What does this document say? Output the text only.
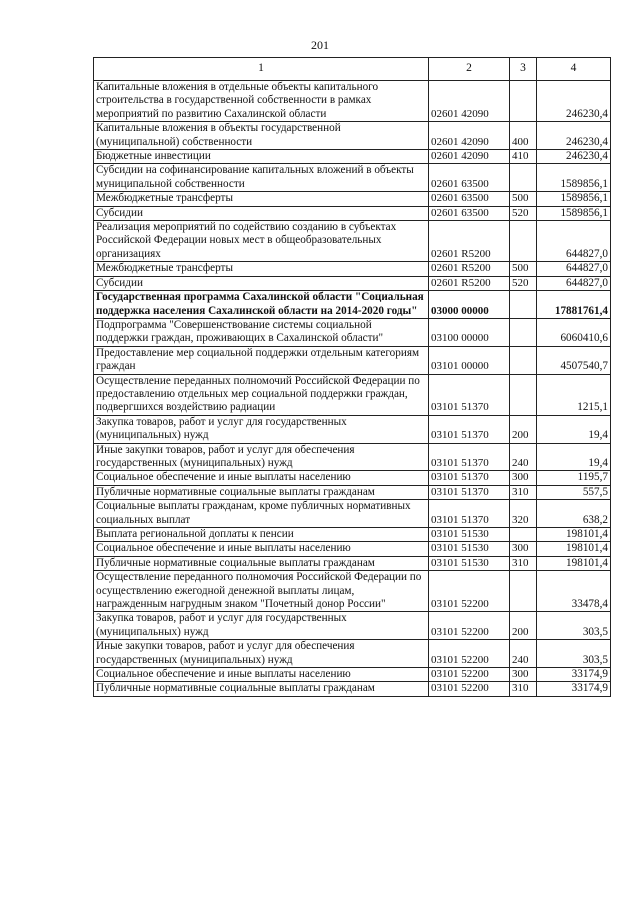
201
1	2	3	4
Капитальные вложения в отдельные объекты капитального строительства в государственной собственности в рамках мероприятий по развитию Сахалинской области	02601 42090		246230,4
Капитальные вложения в объекты государственной (муниципальной) собственности	02601 42090	400	246230,4
Бюджетные инвестиции	02601 42090	410	246230,4
Субсидии на софинансирование капитальных вложений в объекты муниципальной собственности	02601 63500		1589856,1
Межбюджетные трансферты	02601 63500	500	1589856,1
Субсидии	02601 63500	520	1589856,1
Реализация мероприятий по содействию созданию в субъектах Российской Федерации новых мест в общеобразовательных организациях	02601 R5200		644827,0
Межбюджетные трансферты	02601 R5200	500	644827,0
Субсидии	02601 R5200	520	644827,0
Государственная программа Сахалинской области "Социальная поддержка населения Сахалинской области на 2014-2020 годы"	03000 00000		17881761,4
Подпрограмма "Совершенствование системы социальной поддержки граждан, проживающих в Сахалинской области"	03100 00000		6060410,6
Предоставление мер социальной поддержки отдельным категориям граждан	03101 00000		4507540,7
Осуществление переданных полномочий Российской Федерации по предоставлению отдельных мер социальной поддержки граждан, подвергшихся воздействию радиации	03101 51370		1215,1
Закупка товаров, работ и услуг для государственных (муниципальных) нужд	03101 51370	200	19,4
Иные закупки товаров, работ и услуг для обеспечения государственных (муниципальных) нужд	03101 51370	240	19,4
Социальное обеспечение и иные выплаты населению	03101 51370	300	1195,7
Публичные нормативные социальные выплаты гражданам	03101 51370	310	557,5
Социальные выплаты гражданам, кроме публичных нормативных социальных выплат	03101 51370	320	638,2
Выплата региональной доплаты к пенсии	03101 51530		198101,4
Социальное обеспечение и иные выплаты населению	03101 51530	300	198101,4
Публичные нормативные социальные выплаты гражданам	03101 51530	310	198101,4
Осуществление переданного полномочия Российской Федерации по осуществлению ежегодной денежной выплаты лицам, награжденным нагрудным знаком "Почетный донор России"	03101 52200		33478,4
Закупка товаров, работ и услуг для государственных (муниципальных) нужд	03101 52200	200	303,5
Иные закупки товаров, работ и услуг для обеспечения государственных (муниципальных) нужд	03101 52200	240	303,5
Социальное обеспечение и иные выплаты населению	03101 52200	300	33174,9
Публичные нормативные социальные выплаты гражданам	03101 52200	310	33174,9
